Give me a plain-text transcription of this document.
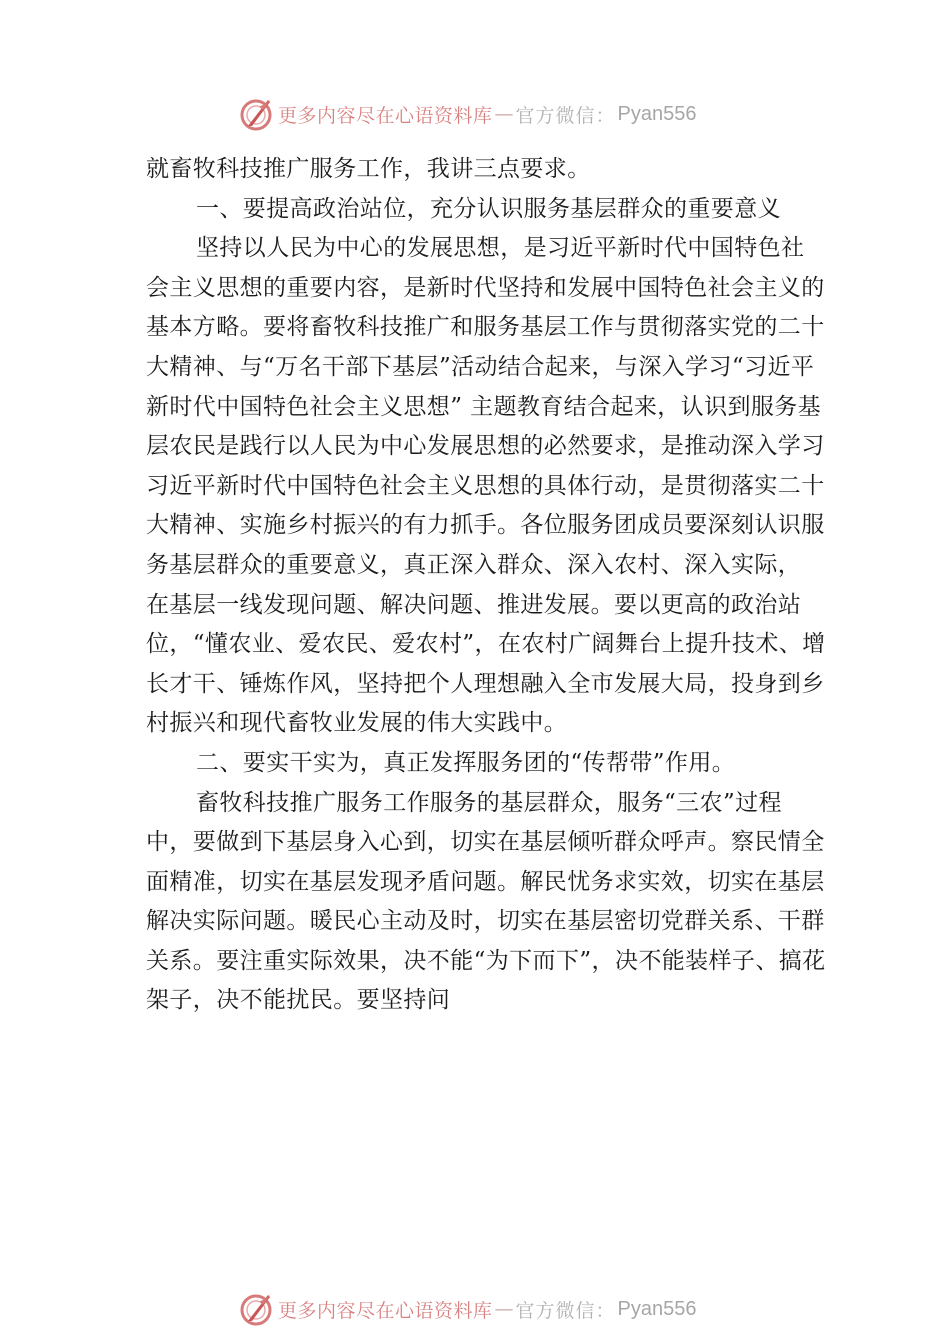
更多内容尽在心语资料库 — 官方微信： Pyan556

就畜牧科技推广服务工作，我讲三点要求。

一、要提高政治站位，充分认识服务基层群众的重要意义

坚持以人民为中心的发展思想，是习近平新时代中国特色社会主义思想的重要内容，是新时代坚持和发展中国特色社会主义的基本方略。要将畜牧科技推广和服务基层工作与贯彻落实党的二十大精神、与“万名干部下基层”活动结合起来，与深入学习“习近平新时代中国特色社会主义思想” 主题教育结合起来，认识到服务基层农民是践行以人民为中心发展思想的必然要求，是推动深入学习习近平新时代中国特色社会主义思想的具体行动，是贯彻落实二十大精神、实施乡村振兴的有力抓手。各位服务团成员要深刻认识服务基层群众的重要意义，真正深入群众、深入农村、深入实际， 在基层一线发现问题、解决问题、推进发展。要以更高的政治站位，“懂农业、爱农民、爱农村”，在农村广阔舞台上提升技术、增长才干、锤炼作风，坚持把个人理想融入全市发展大局，投身到乡村振兴和现代畜牧业发展的伟大实践中。

二、要实干实为，真正发挥服务团的“传帮带”作用。

畜牧科技推广服务工作服务的基层群众，服务“三农”过程中，要做到下基层身入心到，切实在基层倾听群众呼声。察民情全面精准，切实在基层发现矛盾问题。解民忧务求实效，切实在基层解决实际问题。暖民心主动及时，切实在基层密切党群关系、干群关系。要注重实际效果，决不能“为下而下”，决不能装样子、搞花架子，决不能扰民。要坚持问

更多内容尽在心语资料库 — 官方微信： Pyan556
